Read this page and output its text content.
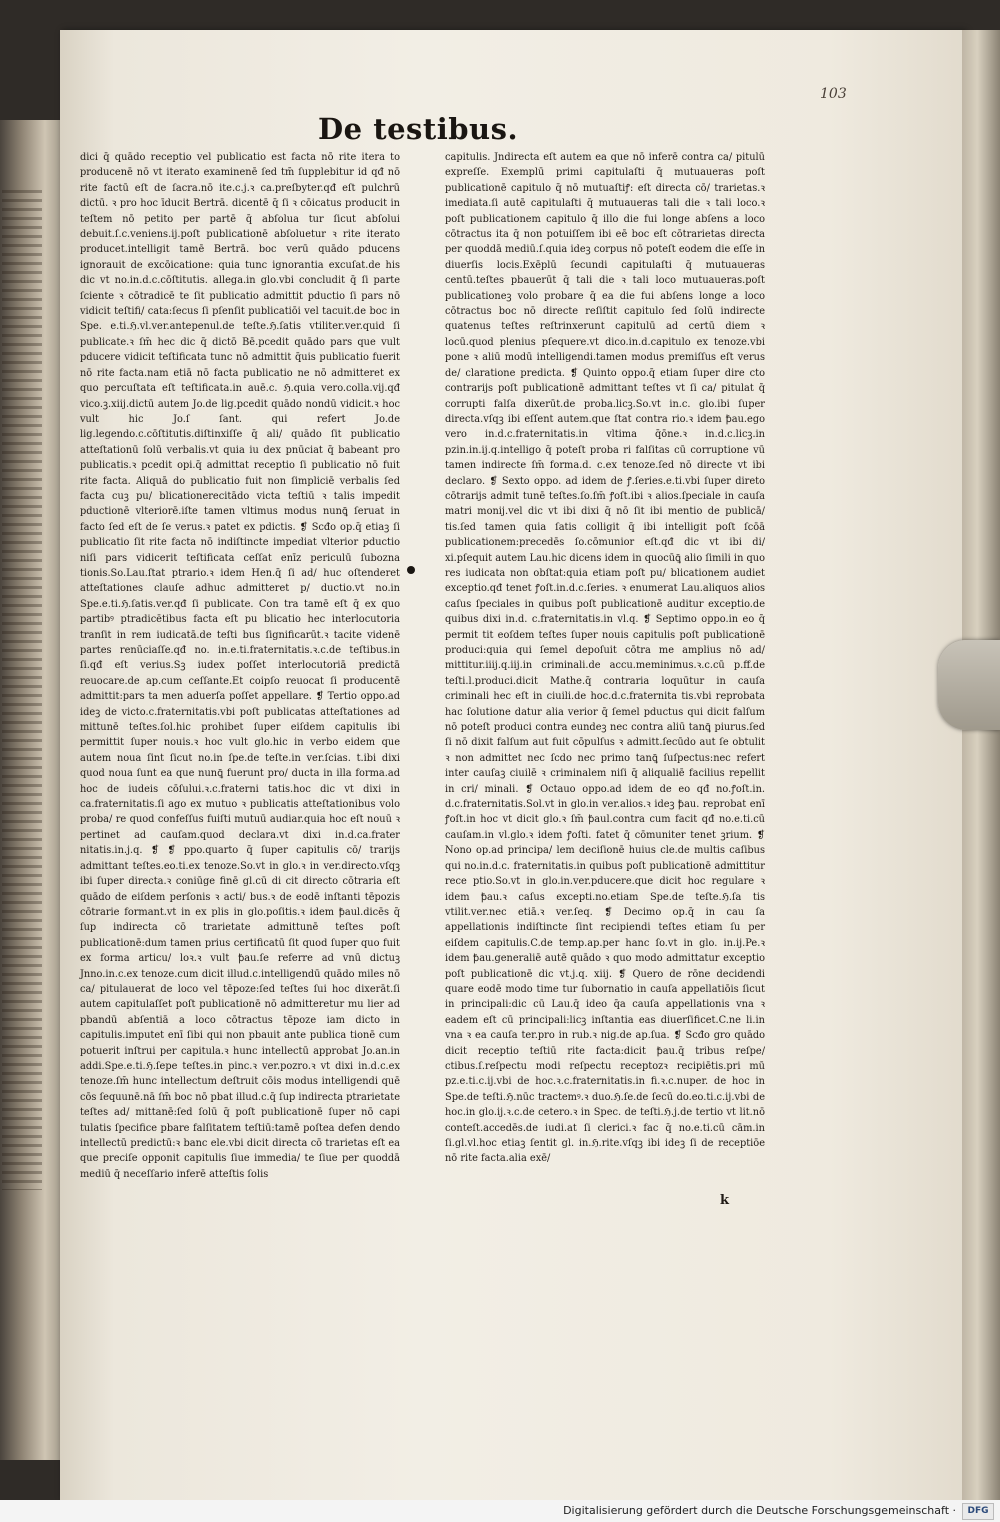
103
De testibus.

dici q̄ quādo receptio vel publicatio est facta nō rite itera to producenē nō vt iterato examinenē ſed tm̄ ſupplebitur id qđ nō rite factū eſt de ſacra.nō ite.c.j.ꝛ ca.preſbyter.qđ eſt pulchrū dictū. ꝛ pro hoc īducit Bertrā. dicentē q̄ ſi ꝛ cōicatus producit in teſtem nō petito per partē q̄ abſolua tur ſicut abſolui debuit.ſ.c.veniens.ij.poſt publicationē abſoluetur ꝛ rite iterato producet.intelligit tamē Bertrā. boc verū quādo pducens ignorauit de excōicatione: quia tunc ignorantia excuſat.de his dic vt no.in.d.c.cōſtitutis. allega.in glo.vbi concludit q̄ ſi parte ſciente ꝛ cōtradicē te ſit publicatio admittit pductio ſi pars nō vidicit teſtifi/ cata:ſecus ſi pſenſit publicatiōi vel tacuit.de boc in Spe. e.ti.ℌ.vl.ver.antepenul.de teſte.ℌ.ſatis vtiliter.ver.quid ſi publicate.ꝛ ſm̄ hec dic q̄ dictō Bē.pcedit quādo pars que vult pducere vidicit teſtificata tunc nō admittit q̄uis publicatio fuerit nō rite facta.nam etiā nō facta publicatio ne nō admitteret ex quo percuſtata eſt teſtificata.in auē.c. ℌ.quia vero.colla.vij.qđ vico.ꝫ.xiij.dictū autem Jo.de lig.pcedit quādo nondū vidicit.ꝛ hoc vult hic Jo.ſ ſant. qui refert Jo.de lig.legendo.c.cōſtitutis.diſtinxiſſe q̄ ali/ quādo ſit publicatio atteſtationū ſolū verbalis.vt quia iu dex pnūciat q̄ babeant pro publicatis.ꝛ pcedit opi.q̄ admittat receptio ſi publicatio nō fuit rite facta. Aliquā do publicatio fuit non ſimpliciē verbalis ſed facta cuꝫ pu/ blicationerecitādo victa teſtiū ꝛ talis impedit pductionē vlteriorē.iſte tamen vltimus modus nunꝗ̄ ſeruat in facto ſed eſt de ſe verus.ꝛ patet ex pdictis. ❡ Scđo op.q̄ etiaꝫ ſi publicatio ſit rite facta nō indiſtincte impediat vlterior pductio niſi pars vidicerit teſtificata ceſſat enīz periculū ſubozna tionis.So.Lau.ſtat ptrario.ꝛ idem Hen.q̄ ſi ad/ huc oſtenderet atteſtationes clauſe adhuc admitteret p/ ductio.vt no.in Spe.e.ti.ℌ.ſatis.ver.qđ ſi publicate. Con tra tamē eſt q̄ ex quo partibꝰ ptradicētibus facta eſt pu blicatio hec interlocutoria tranſit in rem iudicatā.de teſti bus ſignificarūt.ꝛ tacite videnē partes renūciaſſe.qđ no. in.e.ti.fraternitatis.ꝛ.c.de teſtibus.in ſi.qđ eſt verius.Sꝫ iudex poſſet interlocutoriā predictā reuocare.de ap.cum ceſſante.Et coipſo reuocat ſi producentē admittit:pars ta men aduerſa poſſet appellare. ❡ Tertio oppo.ad ideꝫ de victo.c.fraternitatis.vbi poſt publicatas atteſtationes ad mittunē teſtes.ſol.hic prohibet ſuper eiſdem capitulis ibi permittit ſuper nouis.ꝛ hoc vult glo.hic in verbo eidem que autem noua ſint ſicut no.in ſpe.de teſte.in ver.ſcias. t.ibi dixi quod noua ſunt ea que nunꝗ̄ fuerunt pro/ ducta in illa forma.ad hoc de iudeis cōſului.ꝛ.c.fraterni tatis.hoc dic vt dixi in ca.fraternitatis.ſi ago ex mutuo ꝛ publicatis atteſtationibus volo proba/ re quod confeſſus fuiſti mutuū audiar.quia hoc eſt nouū ꝛ pertinet ad cauſam.quod declara.vt dixi in.d.ca.frater nitatis.in.j.q. ❡ ❡ ppo.quarto q̄ ſuper capitulis cō/ trarijs admittant teſtes.eo.ti.ex tenoze.So.vt in glo.ꝛ in ver.directo.vſqꝫ ibi ſuper directa.ꝛ coniūge finē gl.cū di cit directo cōtraria eſt quādo de eiſdem perſonis ꝛ acti/ bus.ꝛ de eodē inſtanti tēpozis cōtrarie formant.vt in ex plis in glo.poſitis.ꝛ idem ꝥaul.dicēs q̄ ſup indirecta cō trarietate admittunē teſtes poſt publicationē:dum tamen prius certificatū ſit quod ſuper quo fuit ex forma articu/ loꝛ.ꝛ vult ꝥau.ſe referre ad vnū dictuꝫ Jnno.in.c.ex tenoze.cum dicit illud.c.intelligendū quādo miles nō ca/ pitulauerat de loco vel tēpoze:ſed teſtes ſui hoc dixerāt.ſi autem capitulaſſet poſt publicationē nō admitteretur mu lier ad pbandū abſentiā a loco cōtractus tēpoze iam dicto in capitulis.imputet enī ſibi qui non pbauit ante publica tionē cum potuerit inſtrui per capitula.ꝛ hunc intellectū approbat Jo.an.in addi.Spe.e.ti.ℌ.ſepe teſtes.in pinc.ꝛ ver.pozro.ꝛ vt dixi in.d.c.ex tenoze.ſm̄ hunc intellectum deſtruit cōis modus intelligendi quē cōs ſequunē.nā ſm̄ boc nō pbat illud.c.q̄ ſup indirecta ptrarietate teſtes ad/ mittanē:ſed ſolū q̄ poſt publicationē ſuper nō capi tulatis ſpecifice pbare falſitatem teſtiū:tamē poſtea defen dendo intellectū predictū:ꝛ banc ele.vbi dicit directa cō trarietas eſt ea que preciſe opponit capitulis ſiue immedia/ te ſiue per quoddā mediū q̄ neceſſario inferē atteſtis ſolis

capitulis. Jndirecta eſt autem ea que nō inferē contra ca/ pitulū expreſſe. Exemplū primi capitulaſti q̄ mutuaueras poſt publicationē capitulo q̄ nō mutuaſtiꝭ: eſt directa cō/ trarietas.ꝛ imediata.ſi autē capitulaſti q̄ mutuaueras tali die ꝛ tali loco.ꝛ poſt publicationem capitulo q̄ illo die fui longe abſens a loco cōtractus ita q̄ non potuiſſem ibi eē boc eſt cōtrarietas directa per quoddā mediū.ſ.quia ideꝫ corpus nō poteſt eodem die eſſe in diuerſis locis.Exēplū ſecundi capitulaſti q̄ mutuaueras centū.teſtes pbauerūt q̄ tali die ꝛ tali loco mutuaueras.poſt publicationeꝫ volo probare q̄ ea die fui abſens longe a loco cōtractus boc nō directe reſiſtit capitulo ſed ſolū indirecte quatenus teſtes reſtrinxerunt capitulū ad certū diem ꝛ locū.quod plenius pſequere.vt dico.in.d.capitulo ex tenoze.vbi pone ꝛ aliū modū intelligendi.tamen modus premiſſus eſt verus de/ claratione predicta. ❡ Quinto oppo.q̄ etiam ſuper dire cto contrarijs poſt publicationē admittant teſtes vt ſi ca/ pitulat q̄ corrupti falſa dixerūt.de proba.licꝫ.So.vt in.c. glo.ibi ſuper directa.vſqꝫ ibi eſſent autem.que ſtat contra rio.ꝛ idem ꝥau.ego vero in.d.c.fraternitatis.in vltima q̄ōne.ꝛ in.d.c.licꝫ.in pzin.in.ij.q.intelligo q̄ poteſt proba ri falſitas cū corruptione vū tamen indirecte ſm̄ forma.d. c.ex tenoze.ſed nō directe vt ibi declaro. ❡ Sexto oppo. ad idem de ꝭ.ſeries.e.ti.vbi ſuper direto cōtrarijs admit tunē teſtes.ſo.ſm̄ ꝭoſt.ibi ꝛ alios.ſpeciale in cauſa matri monij.vel dic vt ibi dixi q̄ nō ſit ibi mentio de publicā/ tis.ſed tamen quia ſatis colligit q̄ ibi intelligit poſt ſcōā publicationem:precedēs ſo.cōmunior eſt.qđ dic vt ibi di/ xi.pſequit autem Lau.hic dicens idem in quocūꝗ̄ alio ſimili in quo res iudicata non obſtat:quia etiam poſt pu/ blicationem audiet exceptio.qđ tenet ꝭoſt.in.d.c.ſeries. ꝛ enumerat Lau.aliquos alios caſus ſpeciales in quibus poſt publicationē auditur exceptio.de quibus dixi in.d. c.fraternitatis.in vl.q. ❡ Septimo oppo.in eo q̄ permit tit eoſdem teſtes ſuper nouis capitulis poſt publicationē produci:quia qui ſemel depoſuit cōtra me amplius nō ad/ mittitur.iiij.q.iij.in criminali.de accu.meminimus.ꝛ.c.cū p.ff.de teſti.l.produci.dicit Mathe.q̄ contraria loquūtur in cauſa criminali hec eſt in ciuili.de hoc.d.c.fraternita tis.vbi reprobata hac ſolutione datur alia verior q̄ ſemel pductus qui dicit falſum nō poteſt produci contra eundeꝫ nec contra aliū tanꝗ̄ piurus.ſed ſi nō dixit falſum aut fuit cōpulſus ꝛ admitt.ſecūdo aut ſe obtulit ꝛ non admittet nec ſcdo nec primo tanꝗ̄ ſuſpectus:nec refert inter cauſaꝫ ciuilē ꝛ criminalem niſi q̄ aliqualiē facilius repellit in cri/ minali. ❡ Octauo oppo.ad idem de eo qđ no.ꝭoſt.in. d.c.fraternitatis.Sol.vt in glo.in ver.alios.ꝛ ideꝫ ꝥau. reprobat enī ꝭoſt.in hoc vt dicit glo.ꝛ ſm̄ ꝥaul.contra cum facit qđ no.e.ti.cū cauſam.in vl.glo.ꝛ idem ꝭoſti. fatet q̄ cōmuniter tenet ꝫrium. ❡ Nono op.ad principa/ lem deciſionē huius cle.de multis caſibus qui no.in.d.c. fraternitatis.in quibus poſt publicationē admittitur rece ptio.So.vt in glo.in.ver.pducere.que dicit hoc regulare ꝛ idem ꝥau.ꝛ caſus excepti.no.etiam Spe.de teſte.ℌ.ſa tis vtilit.ver.nec etiā.ꝛ ver.ſeq. ❡ Decimo op.q̄ in cau ſa appellationis indiſtincte ſint recipiendi teſtes etiam ſu per eiſdem capitulis.C.de temp.ap.per hanc ſo.vt in glo. in.ij.Pe.ꝛ idem ꝥau.generaliē autē quādo ꝛ quo modo admittatur exceptio poſt publicationē dic vt.j.q. xiij. ❡ Quero de rōne decidendi quare eodē modo time tur ſubornatio in cauſa appellatiōis ſicut in principali:dic cū Lau.q̄ ideo q̄a cauſa appellationis vna ꝛ eadem eſt cū principali:licꝫ inſtantia eas diuerſificet.C.ne li.in vna ꝛ ea cauſa ter.pro in rub.ꝛ nig.de ap.ſua. ❡ Scđo gro quādo dicit receptio teſtiū rite facta:dicit ꝥau.q̄ tribus reſpe/ ctibus.ſ.reſpectu modi reſpectu receptozꝛ recipiētis.pri mū pz.e.ti.c.ij.vbi de hoc.ꝛ.c.fraternitatis.in fi.ꝛ.c.nuper. de hoc in Spe.de teſti.ℌ.nūc tractemꝰ.ꝛ duo.ℌ.ſe.de ſecū do.eo.ti.c.ij.vbi de hoc.in glo.ij.ꝛ.c.de cetero.ꝛ in Spec. de teſti.ℌ.j.de tertio vt lit.nō conteſt.accedēs.de iudi.at ſi clerici.ꝛ fac q̄ no.e.ti.cū cām.in ſi.gl.vl.hoc etiaꝫ ſentit gl. in.ℌ.rite.vſqꝫ ibi ideꝫ ſi de receptiōe nō rite facta.alia exē/

k
Digitalisierung gefördert durch die Deutsche Forschungsgemeinschaft ·	DFG
